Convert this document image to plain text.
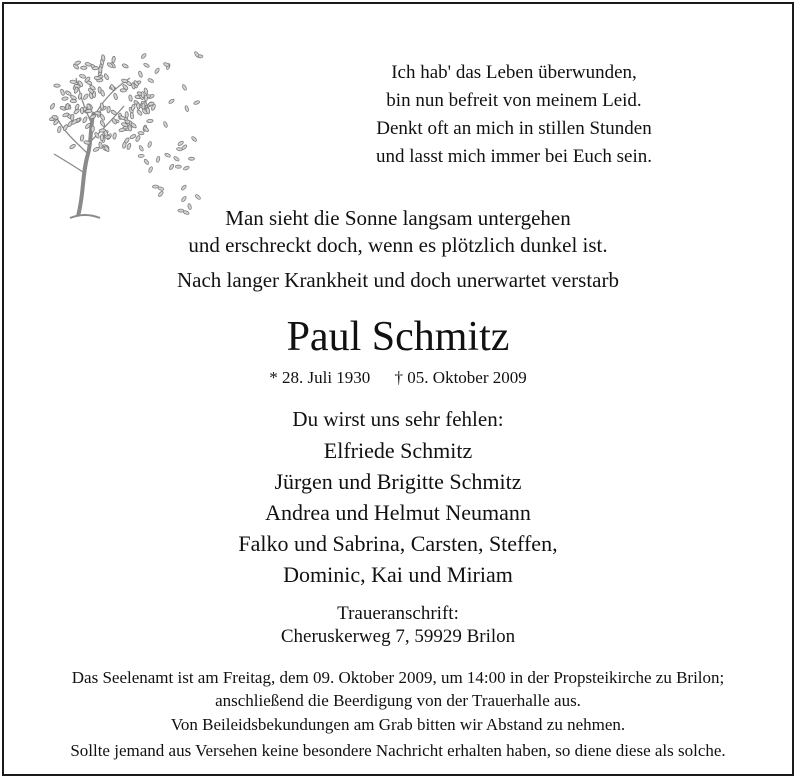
Ich hab' das Leben überwunden,
bin nun befreit von meinem Leid.
Denkt oft an mich in stillen Stunden
und lasst mich immer bei Euch sein.
Man sieht die Sonne langsam untergehen
und erschreckt doch, wenn es plötzlich dunkel ist.
Nach langer Krankheit und doch unerwartet verstarb
Paul Schmitz
* 28. Juli 1930 † 05. Oktober 2009
Du wirst uns sehr fehlen:
Elfriede Schmitz
Jürgen und Brigitte Schmitz
Andrea und Helmut Neumann
Falko und Sabrina, Carsten, Steffen,
Dominic, Kai und Miriam
Traueranschrift:
Cheruskerweg 7, 59929 Brilon
Das Seelenamt ist am Freitag, dem 09. Oktober 2009, um 14:00 in der Propsteikirche zu Brilon;
anschließend die Beerdigung von der Trauerhalle aus.
Von Beileidsbekundungen am Grab bitten wir Abstand zu nehmen.
Sollte jemand aus Versehen keine besondere Nachricht erhalten haben, so diene diese als solche.
